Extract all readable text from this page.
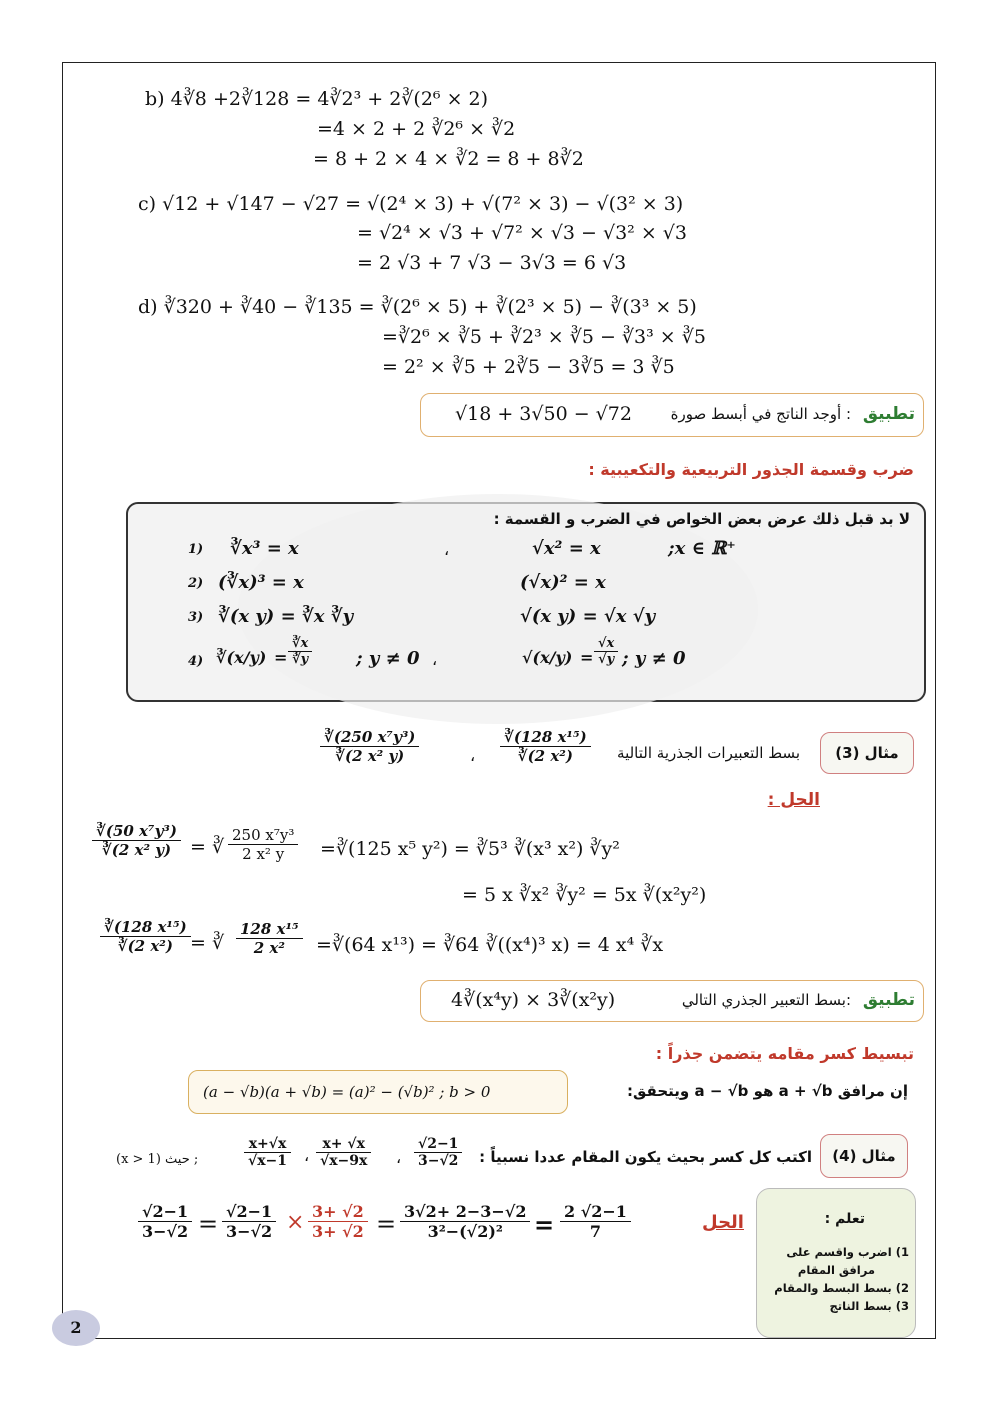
b) 4∛8 +2∛128 = 4∛2³ + 2∛(2⁶ × 2)
=4 × 2 + 2 ∛2⁶ × ∛2
= 8 + 2 × 4 × ∛2 = 8 + 8∛2
c) √12 + √147 − √27 = √(2⁴ × 3) + √(7² × 3) − √(3² × 3)
= √2⁴ × √3 + √7² × √3 − √3² × √3
= 2 √3 + 7 √3 − 3√3 = 6 √3
d) ∛320 + ∛40 − ∛135 = ∛(2⁶ × 5) + ∛(2³ × 5) − ∛(3³ × 5)
=∛2⁶ × ∛5 + ∛2³ × ∛5 − ∛3³ × ∛5
= 2² × ∛5 + 2∛5 − 3∛5 = 3 ∛5
تطبيق
: أوجد الناتج في أبسط صورة
√18 + 3√50 − √72
ضرب وقسمة الجذور التربيعية والتكعيبية :
لا بد قبل ذلك عرض بعض الخواص في الضرب و القسمة :
1) ∛x³ = x	،	√x² = x	;x ∈ ℝ⁺
2) (∛x)³ = x	(√x)² = x
3) ∛(x y) = ∛x ∛y	√(x y) = √x √y
4) ∛(x/y) = $\frac{∛x}{∛y}$ ; y ≠ 0 ،	$√(x/y) = \frac{√x}{√y}$ ; y ≠ 0
مثال (3)
بسط التعبيرات الجذرية التالية
$\frac{\text{∛(128 x¹⁵)}}{\text{∛(2 x²)}}$
،
$\frac{\text{∛(250 x⁷y³)}}{\text{∛(2 x² y)}}$
الحل :
$\frac{\text{∛(50 x⁷y³)}}{\text{∛(2 x² y)}}$ = ∛ $\frac{\text{250 x⁷y³}}{\text{2 x² y}}$ =∛(125 x⁵ y²) = ∛5³ ∛(x³ x²) ∛y²
= 5 x ∛x² ∛y² = 5x ∛(x²y²)
$\frac{\text{∛(128 x¹⁵)}}{\text{∛(2 x²)}}$ = ∛ $\frac{\text{128 x¹⁵}}{\text{2 x²}}$ =∛(64 x¹³) = ∛64 ∛((x⁴)³ x) = 4 x⁴ ∛x
تطبيق
:بسط التعبير الجذري التالي
4∛(x⁴y) × 3∛(x²y)
تبسيط كسر مقامه يتضمن جذراً :
(a − √b)(a + √b) = (a)² − (√b)² ; b > 0	إن مرافق a + √b هو a − √b ويتحقق:
مثال (4)
اكتب كل كسر بحيث يكون المقام عددا نسبياً :
$\frac{√2-1}{3-√2}$
،
$\frac{x+ √x}{√x-9x}$
،
$\frac{x+√x}{√x-1}$
(x > 1) حيث ;
$\frac{√2-1}{3-√2} = \frac{√2-1}{3-√2} \times \frac{3+ √2}{3+ √2} = \frac{3√2+ 2-3-√2}{\text{3²−(√2)²}} = \frac{2 √2-1}{7}$	الحل	تعلم :
1) اضرب واقسم على
مرافق المقام
2) بسط البسط والمقام
3) بسط الناتج
2
